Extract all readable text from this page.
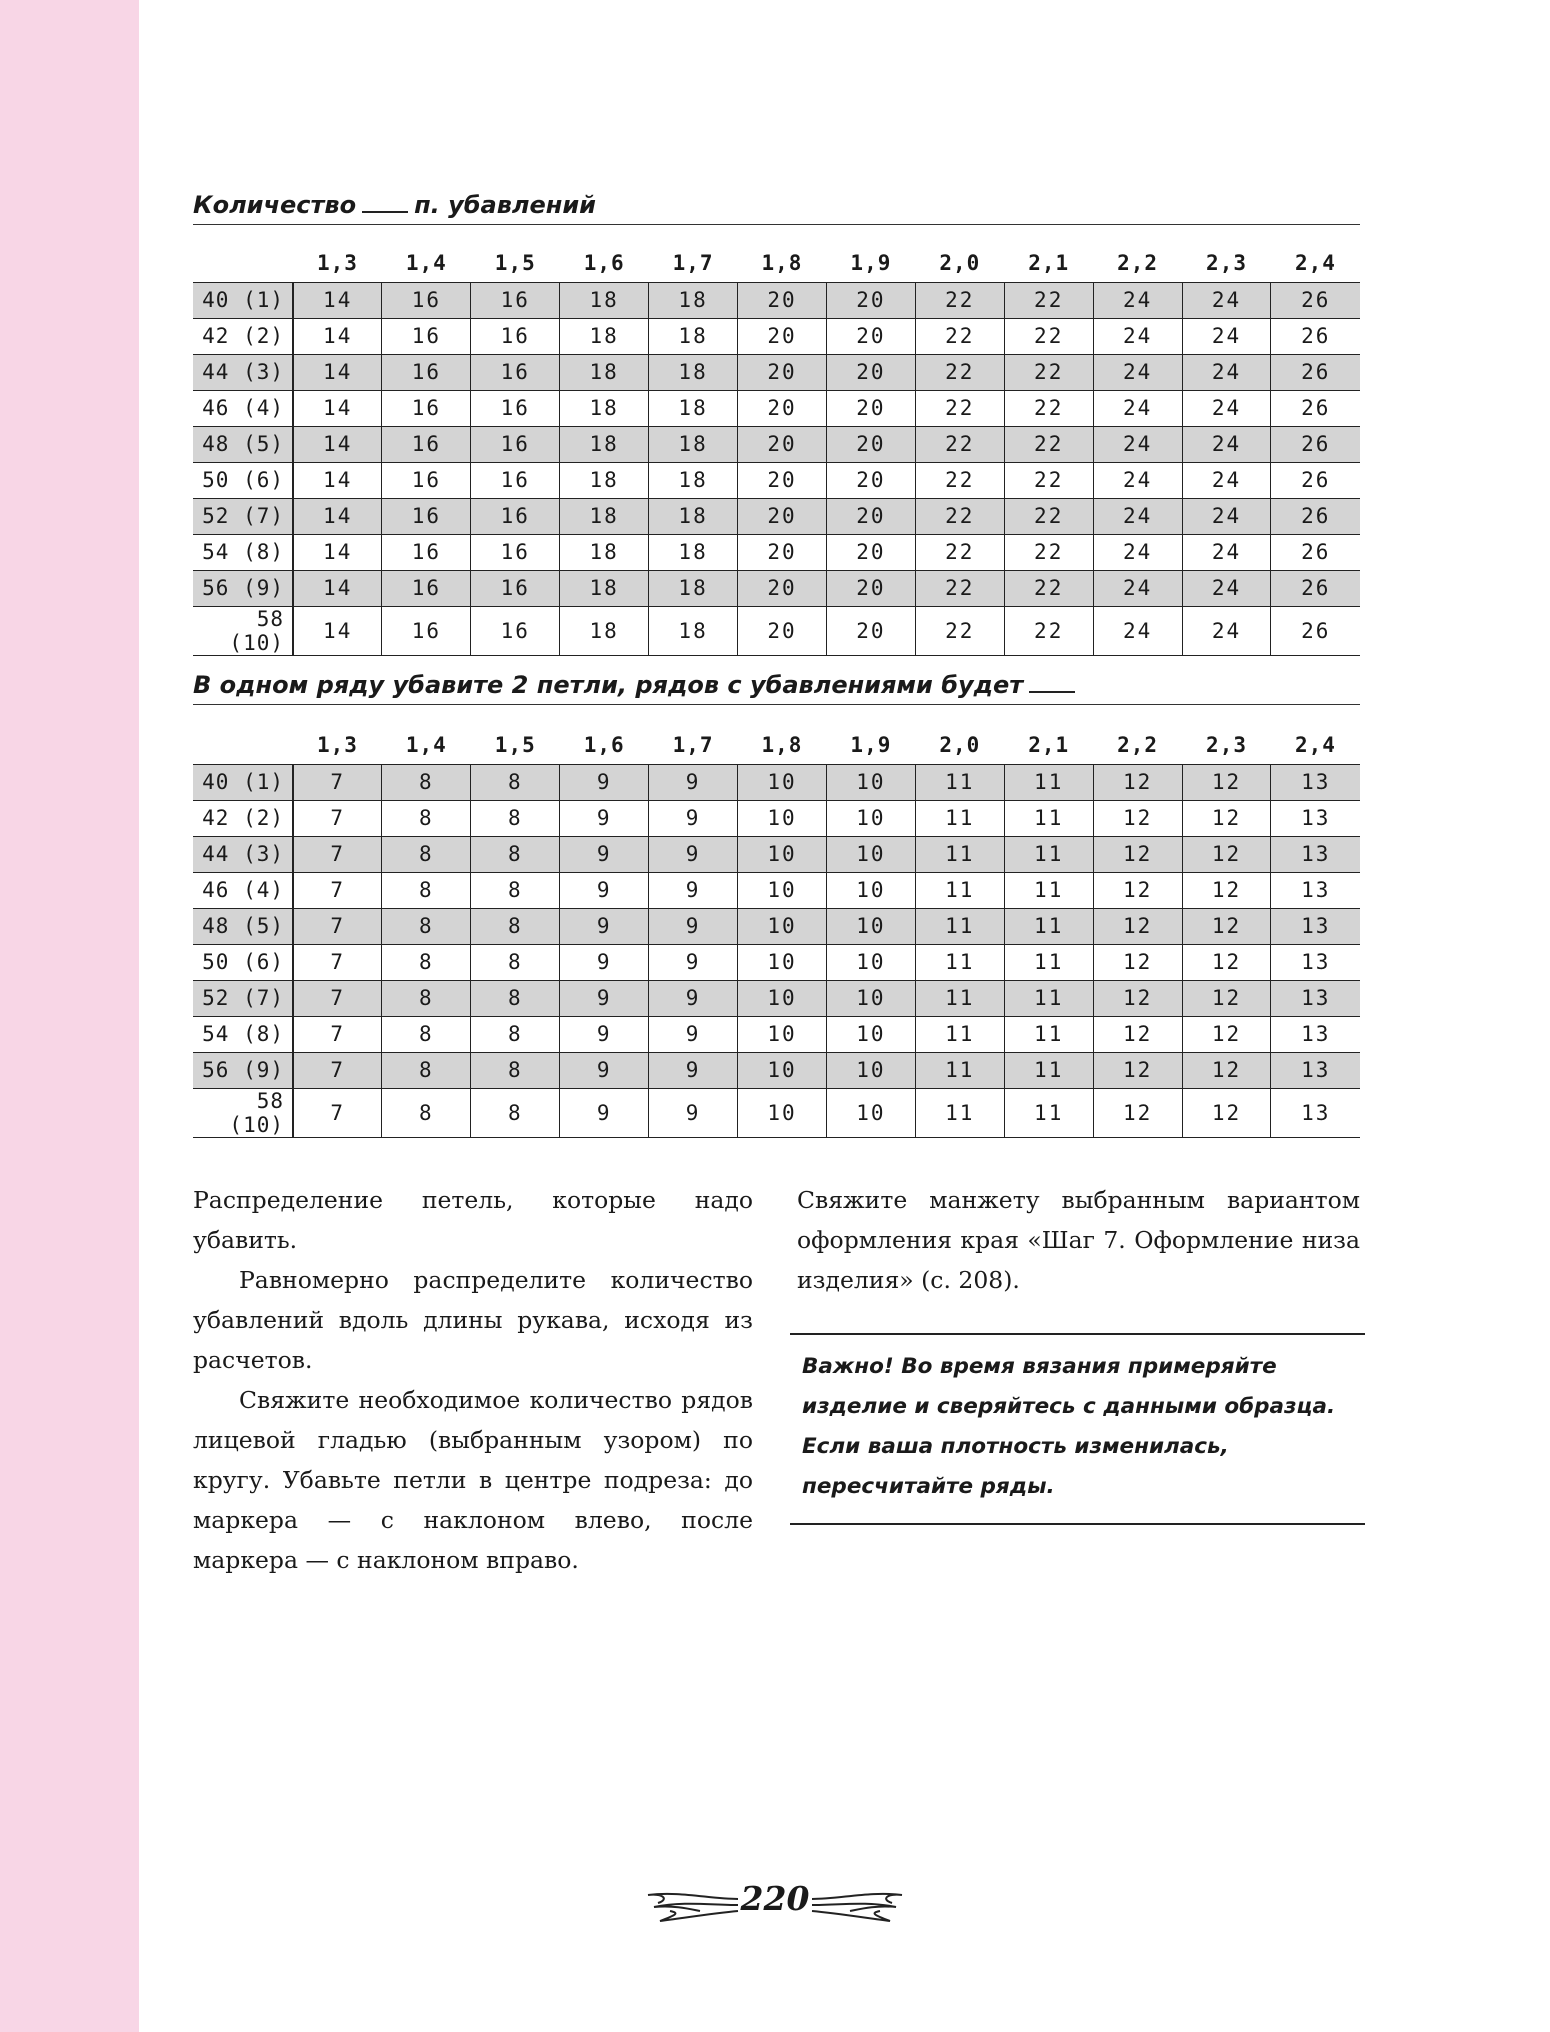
Количество п. убавлений
	1,3	1,4	1,5	1,6	1,7	1,8	1,9	2,0	2,1	2,2	2,3	2,4
40 (1)	14	16	16	18	18	20	20	22	22	24	24	26
42 (2)	14	16	16	18	18	20	20	22	22	24	24	26
44 (3)	14	16	16	18	18	20	20	22	22	24	24	26
46 (4)	14	16	16	18	18	20	20	22	22	24	24	26
48 (5)	14	16	16	18	18	20	20	22	22	24	24	26
50 (6)	14	16	16	18	18	20	20	22	22	24	24	26
52 (7)	14	16	16	18	18	20	20	22	22	24	24	26
54 (8)	14	16	16	18	18	20	20	22	22	24	24	26
56 (9)	14	16	16	18	18	20	20	22	22	24	24	26
58 (10)	14	16	16	18	18	20	20	22	22	24	24	26
В одном ряду убавите 2 петли, рядов с убавлениями будет
	1,3	1,4	1,5	1,6	1,7	1,8	1,9	2,0	2,1	2,2	2,3	2,4
40 (1)	7	8	8	9	9	10	10	11	11	12	12	13
42 (2)	7	8	8	9	9	10	10	11	11	12	12	13
44 (3)	7	8	8	9	9	10	10	11	11	12	12	13
46 (4)	7	8	8	9	9	10	10	11	11	12	12	13
48 (5)	7	8	8	9	9	10	10	11	11	12	12	13
50 (6)	7	8	8	9	9	10	10	11	11	12	12	13
52 (7)	7	8	8	9	9	10	10	11	11	12	12	13
54 (8)	7	8	8	9	9	10	10	11	11	12	12	13
56 (9)	7	8	8	9	9	10	10	11	11	12	12	13
58 (10)	7	8	8	9	9	10	10	11	11	12	12	13

Распределение петель, которые надо убавить.

Равномерно распределите количество убавлений вдоль длины рукава, исходя из расчетов.

Свяжите необходимое количество рядов лицевой гладью (выбранным узором) по кругу. Убавьте петли в центре подреза: до маркера — с наклоном влево, после маркера — с наклоном вправо.

Свяжите манжету выбранным вариантом оформления края «Шаг 7. Оформление низа изделия» (с. 208).

Важно! Во время вязания примеряйте изделие и сверяйтесь с данными образца. Если ваша плотность изменилась, пересчитайте ряды.
220
